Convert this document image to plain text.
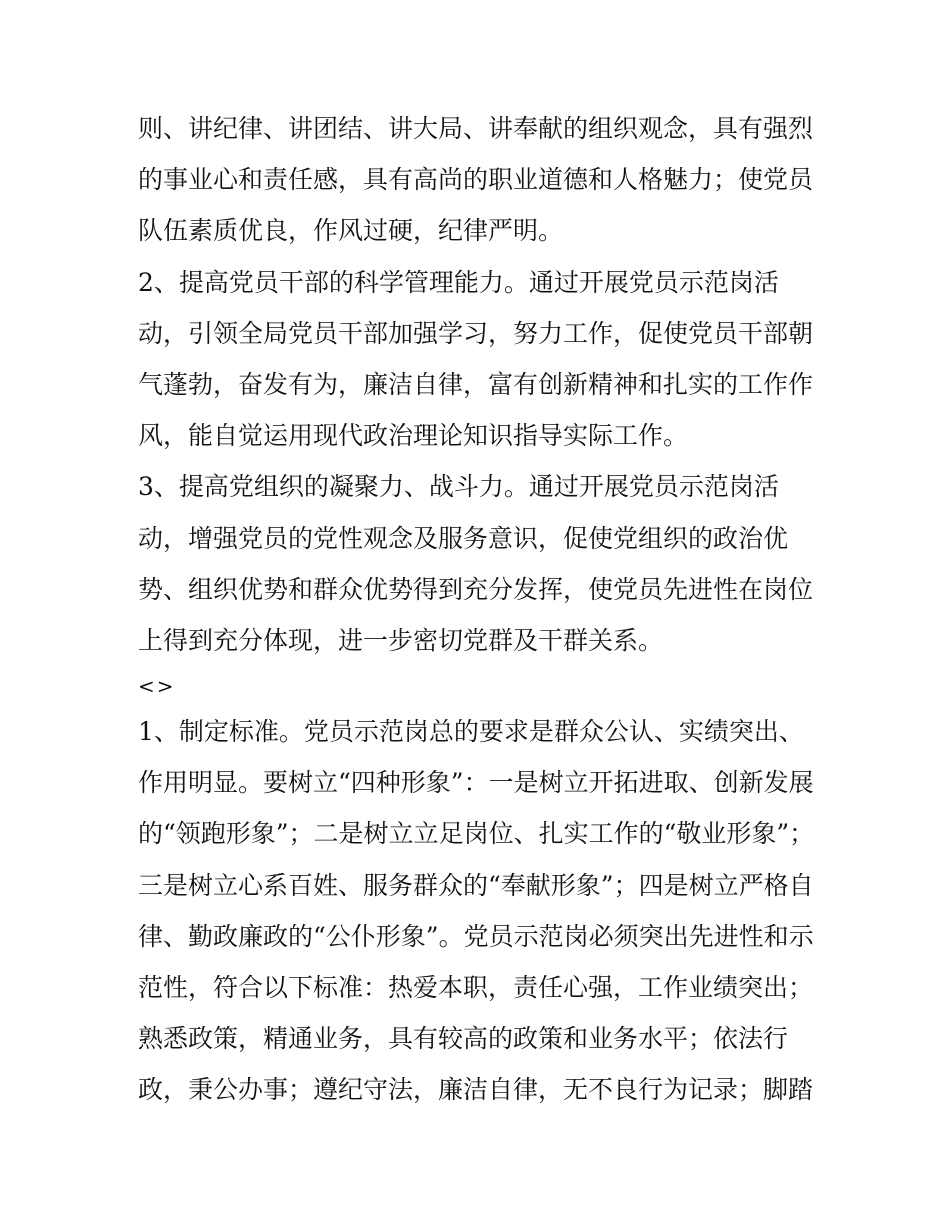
则、讲纪律、讲团结、讲大局、讲奉献的组织观念，具有强烈
的事业心和责任感，具有高尚的职业道德和人格魅力；使党员
队伍素质优良，作风过硬，纪律严明。
2、提高党员干部的科学管理能力。通过开展党员示范岗活
动，引领全局党员干部加强学习，努力工作，促使党员干部朝
气蓬勃，奋发有为，廉洁自律，富有创新精神和扎实的工作作
风，能自觉运用现代政治理论知识指导实际工作。
3、提高党组织的凝聚力、战斗力。通过开展党员示范岗活
动，增强党员的党性观念及服务意识，促使党组织的政治优
势、组织优势和群众优势得到充分发挥，使党员先进性在岗位
上得到充分体现，进一步密切党群及干群关系。
<>
1、制定标准。党员示范岗总的要求是群众公认、实绩突出、
作用明显。要树立“四种形象”：一是树立开拓进取、创新发展
的“领跑形象”；二是树立立足岗位、扎实工作的“敬业形象”；
三是树立心系百姓、服务群众的“奉献形象”；四是树立严格自
律、勤政廉政的“公仆形象”。党员示范岗必须突出先进性和示
范性，符合以下标准：热爱本职，责任心强，工作业绩突出；
熟悉政策，精通业务，具有较高的政策和业务水平；依法行
政，秉公办事；遵纪守法，廉洁自律，无不良行为记录；脚踏
